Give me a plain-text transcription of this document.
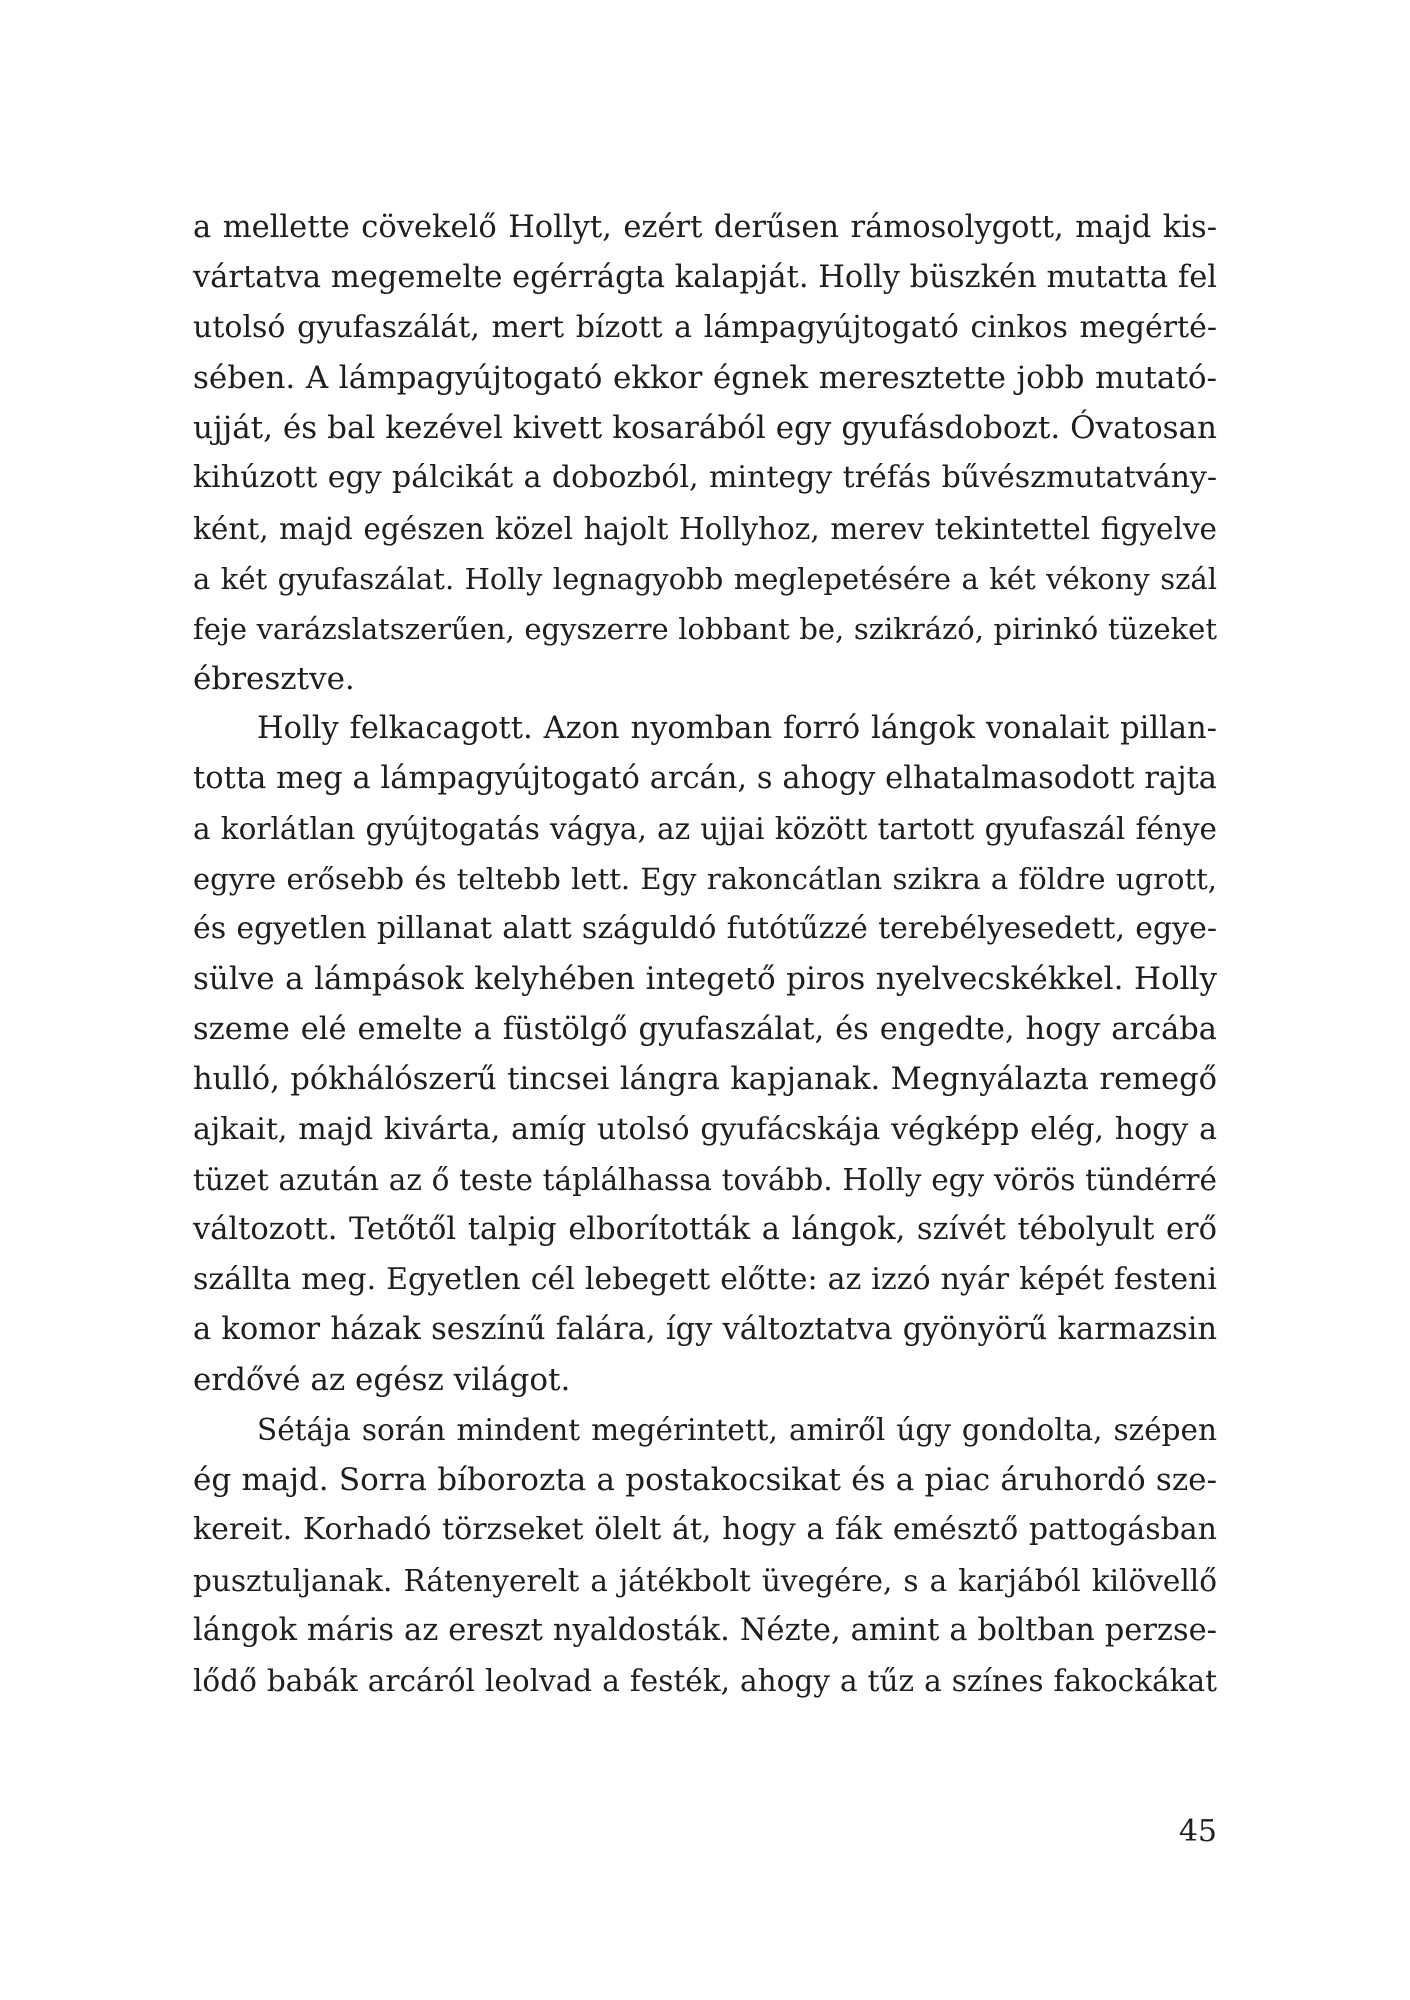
a mellette cövekelő Hollyt, ezért derűsen rámosolygott, majd kis-
vártatva megemelte egérrágta kalapját. Holly büszkén mutatta fel
utolsó gyufaszálát, mert bízott a lámpagyújtogató cinkos megérté-
sében. A lámpagyújtogató ekkor égnek meresztette jobb mutató-
ujját, és bal kezével kivett kosarából egy gyufásdobozt. Óvatosan
kihúzott egy pálcikát a dobozból, mintegy tréfás bűvészmutatvány-
ként, majd egészen közel hajolt Hollyhoz, merev tekintettel figyelve
a két gyufaszálat. Holly legnagyobb meglepetésére a két vékony szál
feje varázslatszerűen, egyszerre lobbant be, szikrázó, pirinkó tüzeket
ébresztve.
Holly felkacagott. Azon nyomban forró lángok vonalait pillan-
totta meg a lámpagyújtogató arcán, s ahogy elhatalmasodott rajta
a korlátlan gyújtogatás vágya, az ujjai között tartott gyufaszál fénye
egyre erősebb és teltebb lett. Egy rakoncátlan szikra a földre ugrott,
és egyetlen pillanat alatt száguldó futótűzzé terebélyesedett, egye-
sülve a lámpások kelyhében integető piros nyelvecskékkel. Holly
szeme elé emelte a füstölgő gyufaszálat, és engedte, hogy arcába
hulló, pókhálószerű tincsei lángra kapjanak. Megnyálazta remegő
ajkait, majd kivárta, amíg utolsó gyufácskája végképp elég, hogy a
tüzet azután az ő teste táplálhassa tovább. Holly egy vörös tündérré
változott. Tetőtől talpig elborították a lángok, szívét tébolyult erő
szállta meg. Egyetlen cél lebegett előtte: az izzó nyár képét festeni
a komor házak seszínű falára, így változtatva gyönyörű karmazsin
erdővé az egész világot.
Sétája során mindent megérintett, amiről úgy gondolta, szépen
ég majd. Sorra bíborozta a postakocsikat és a piac áruhordó sze-
kereit. Korhadó törzseket ölelt át, hogy a fák emésztő pattogásban
pusztuljanak. Rátenyerelt a játékbolt üvegére, s a karjából kilövellő
lángok máris az ereszt nyaldosták. Nézte, amint a boltban perzse-
lődő babák arcáról leolvad a festék, ahogy a tűz a színes fakockákat
45
